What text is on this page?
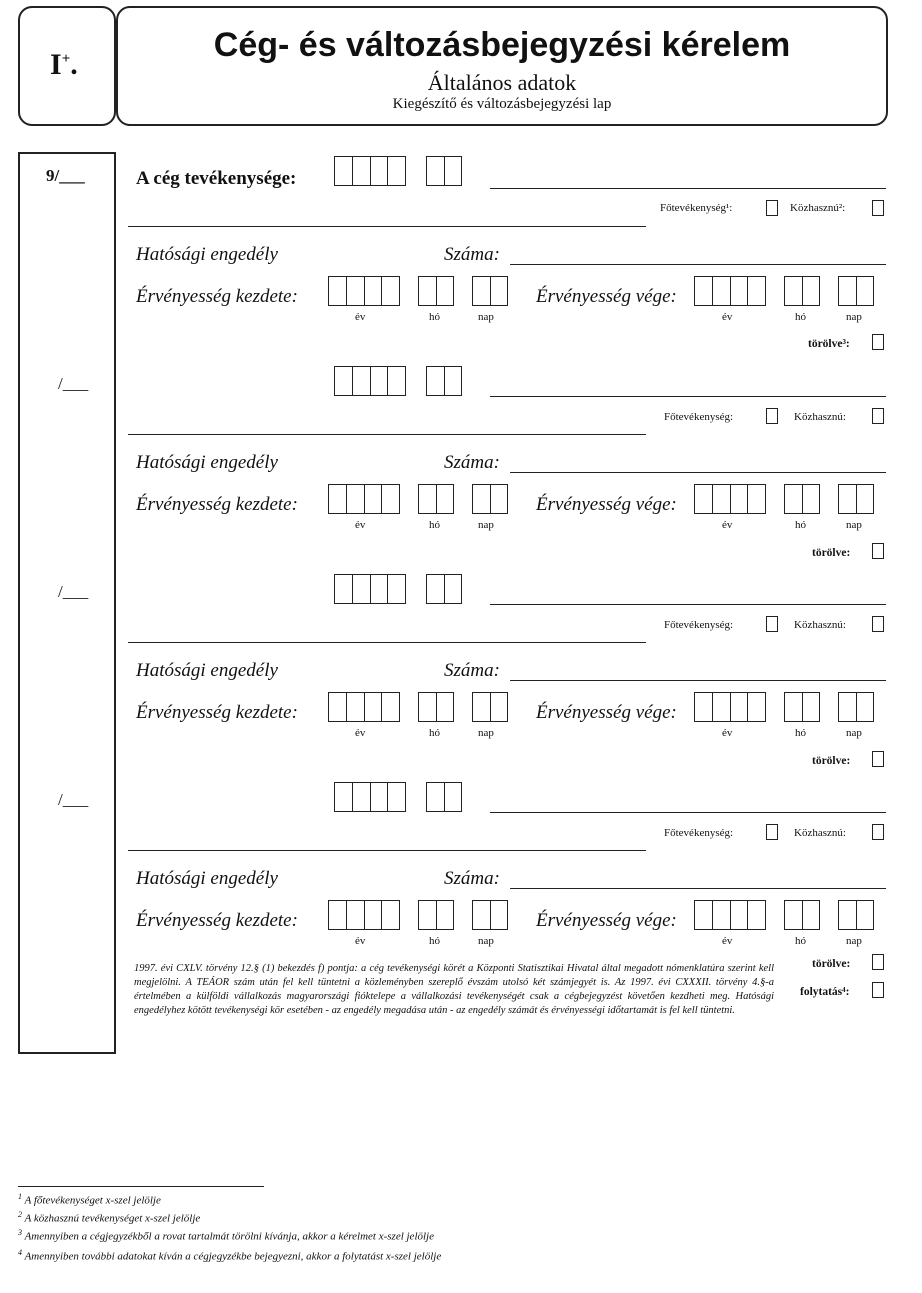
I+.
Cég- és változásbejegyzési kérelem
Általános adatok
Kiegészítő és változásbejegyzési lap
9/___
/___
/___
/___
A cég tevékenysége:
Főtevékenység¹:	Közhasznú²:
Hatósági engedély	Száma:
Érvényesség kezdete:
év	hó	nap
Érvényesség vége:
év	hó	nap
törölve³:
Főtevékenység:	Közhasznú:
Hatósági engedély	Száma:
Érvényesség kezdete:
év	hó	nap
Érvényesség vége:
év	hó	nap
törölve:
Főtevékenység:	Közhasznú:
Hatósági engedély	Száma:
Érvényesség kezdete:
év	hó	nap
Érvényesség vége:
év	hó	nap
törölve:
Főtevékenység:	Közhasznú:
Hatósági engedély	Száma:
Érvényesség kezdete:
év	hó	nap
Érvényesség vége:
év	hó	nap
1997. évi CXLV. törvény 12.§ (1) bekezdés f) pontja: a cég tevékenységi körét a Központi Statisztikai Hivatal által megadott nómenklatúra szerint kell megjelölni. A TEÁOR szám után fel kell tüntetni a közleményben szereplő évszám utolsó két számjegyét is. Az 1997. évi CXXXII. törvény 4.§-a értelmében a külföldi vállalkozás magyarországi fióktelepe a vállalkozási tevékenységét csak a cégbejegyzést követően kezdheti meg. Hatósági engedélyhez kötött tevékenységi kör esetében - az engedély megadása után - az engedély számát és érvényességi időtartamát is fel kell tüntetni.
törölve:
folytatás⁴:
$^1$ A főtevékenységet x-szel jelölje
$^2$ A közhasznú tevékenységet x-szel jelölje
$^3$ Amennyiben a cégjegyzékből a rovat tartalmát törölni kívánja, akkor a kérelmet x-szel jelölje
$^4$ Amennyiben további adatokat kíván a cégjegyzékbe bejegyezni, akkor a folytatást x-szel jelölje
